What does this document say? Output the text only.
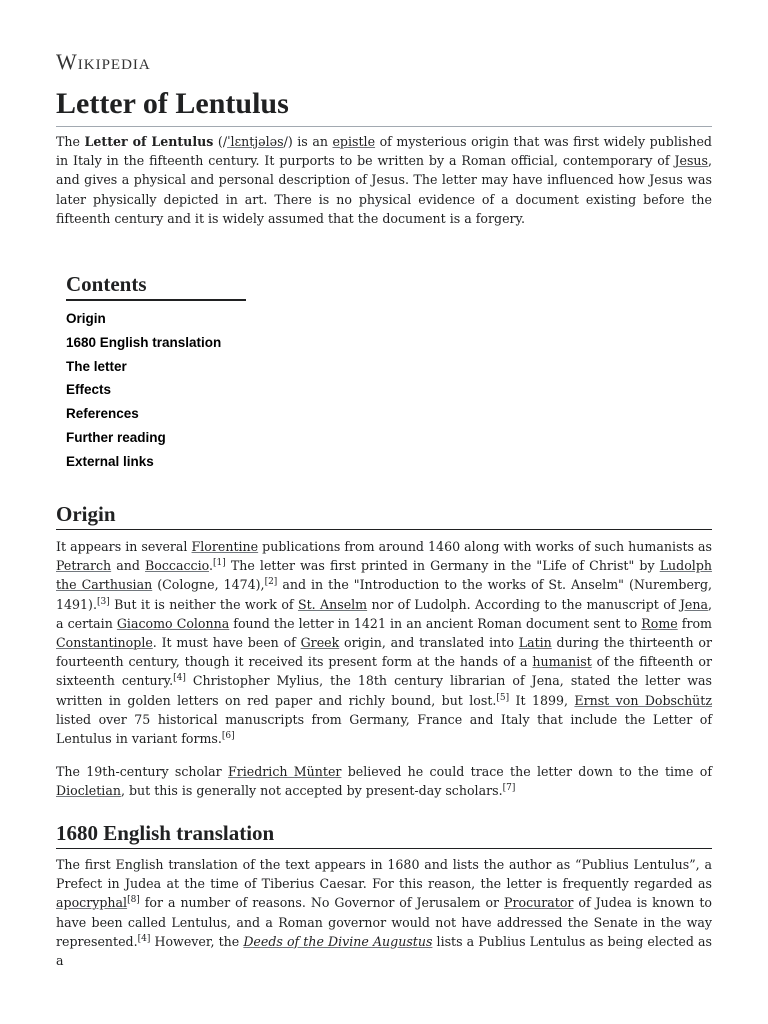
Wikipedia
Letter of Lentulus

The Letter of Lentulus (/ˈlɛntjələs/) is an epistle of mysterious origin that was first widely published in Italy in the fifteenth century. It purports to be written by a Roman official, contemporary of Jesus, and gives a physical and personal description of Jesus. The letter may have influenced how Jesus was later physically depicted in art. There is no physical evidence of a document existing before the fifteenth century and it is widely assumed that the document is a forgery.

Contents
Origin
1680 English translation
The letter
Effects
References
Further reading
External links
Origin

It appears in several Florentine publications from around 1460 along with works of such humanists as Petrarch and Boccaccio.[1] The letter was first printed in Germany in the "Life of Christ" by Ludolph the Carthusian (Cologne, 1474),[2] and in the "Introduction to the works of St. Anselm" (Nuremberg, 1491).[3] But it is neither the work of St. Anselm nor of Ludolph. According to the manuscript of Jena, a certain Giacomo Colonna found the letter in 1421 in an ancient Roman document sent to Rome from Constantinople. It must have been of Greek origin, and translated into Latin during the thirteenth or fourteenth century, though it received its present form at the hands of a humanist of the fifteenth or sixteenth century.[4] Christopher Mylius, the 18th century librarian of Jena, stated the letter was written in golden letters on red paper and richly bound, but lost.[5] It 1899, Ernst von Dobschütz listed over 75 historical manuscripts from Germany, France and Italy that include the Letter of Lentulus in variant forms.[6]

The 19th-century scholar Friedrich Münter believed he could trace the letter down to the time of Diocletian, but this is generally not accepted by present-day scholars.[7]

1680 English translation

The first English translation of the text appears in 1680 and lists the author as “Publius Lentulus”, a Prefect in Judea at the time of Tiberius Caesar. For this reason, the letter is frequently regarded as apocryphal[8] for a number of reasons. No Governor of Jerusalem or Procurator of Judea is known to have been called Lentulus, and a Roman governor would not have addressed the Senate in the way represented.[4] However, the Deeds of the Divine Augustus lists a Publius Lentulus as being elected as a
